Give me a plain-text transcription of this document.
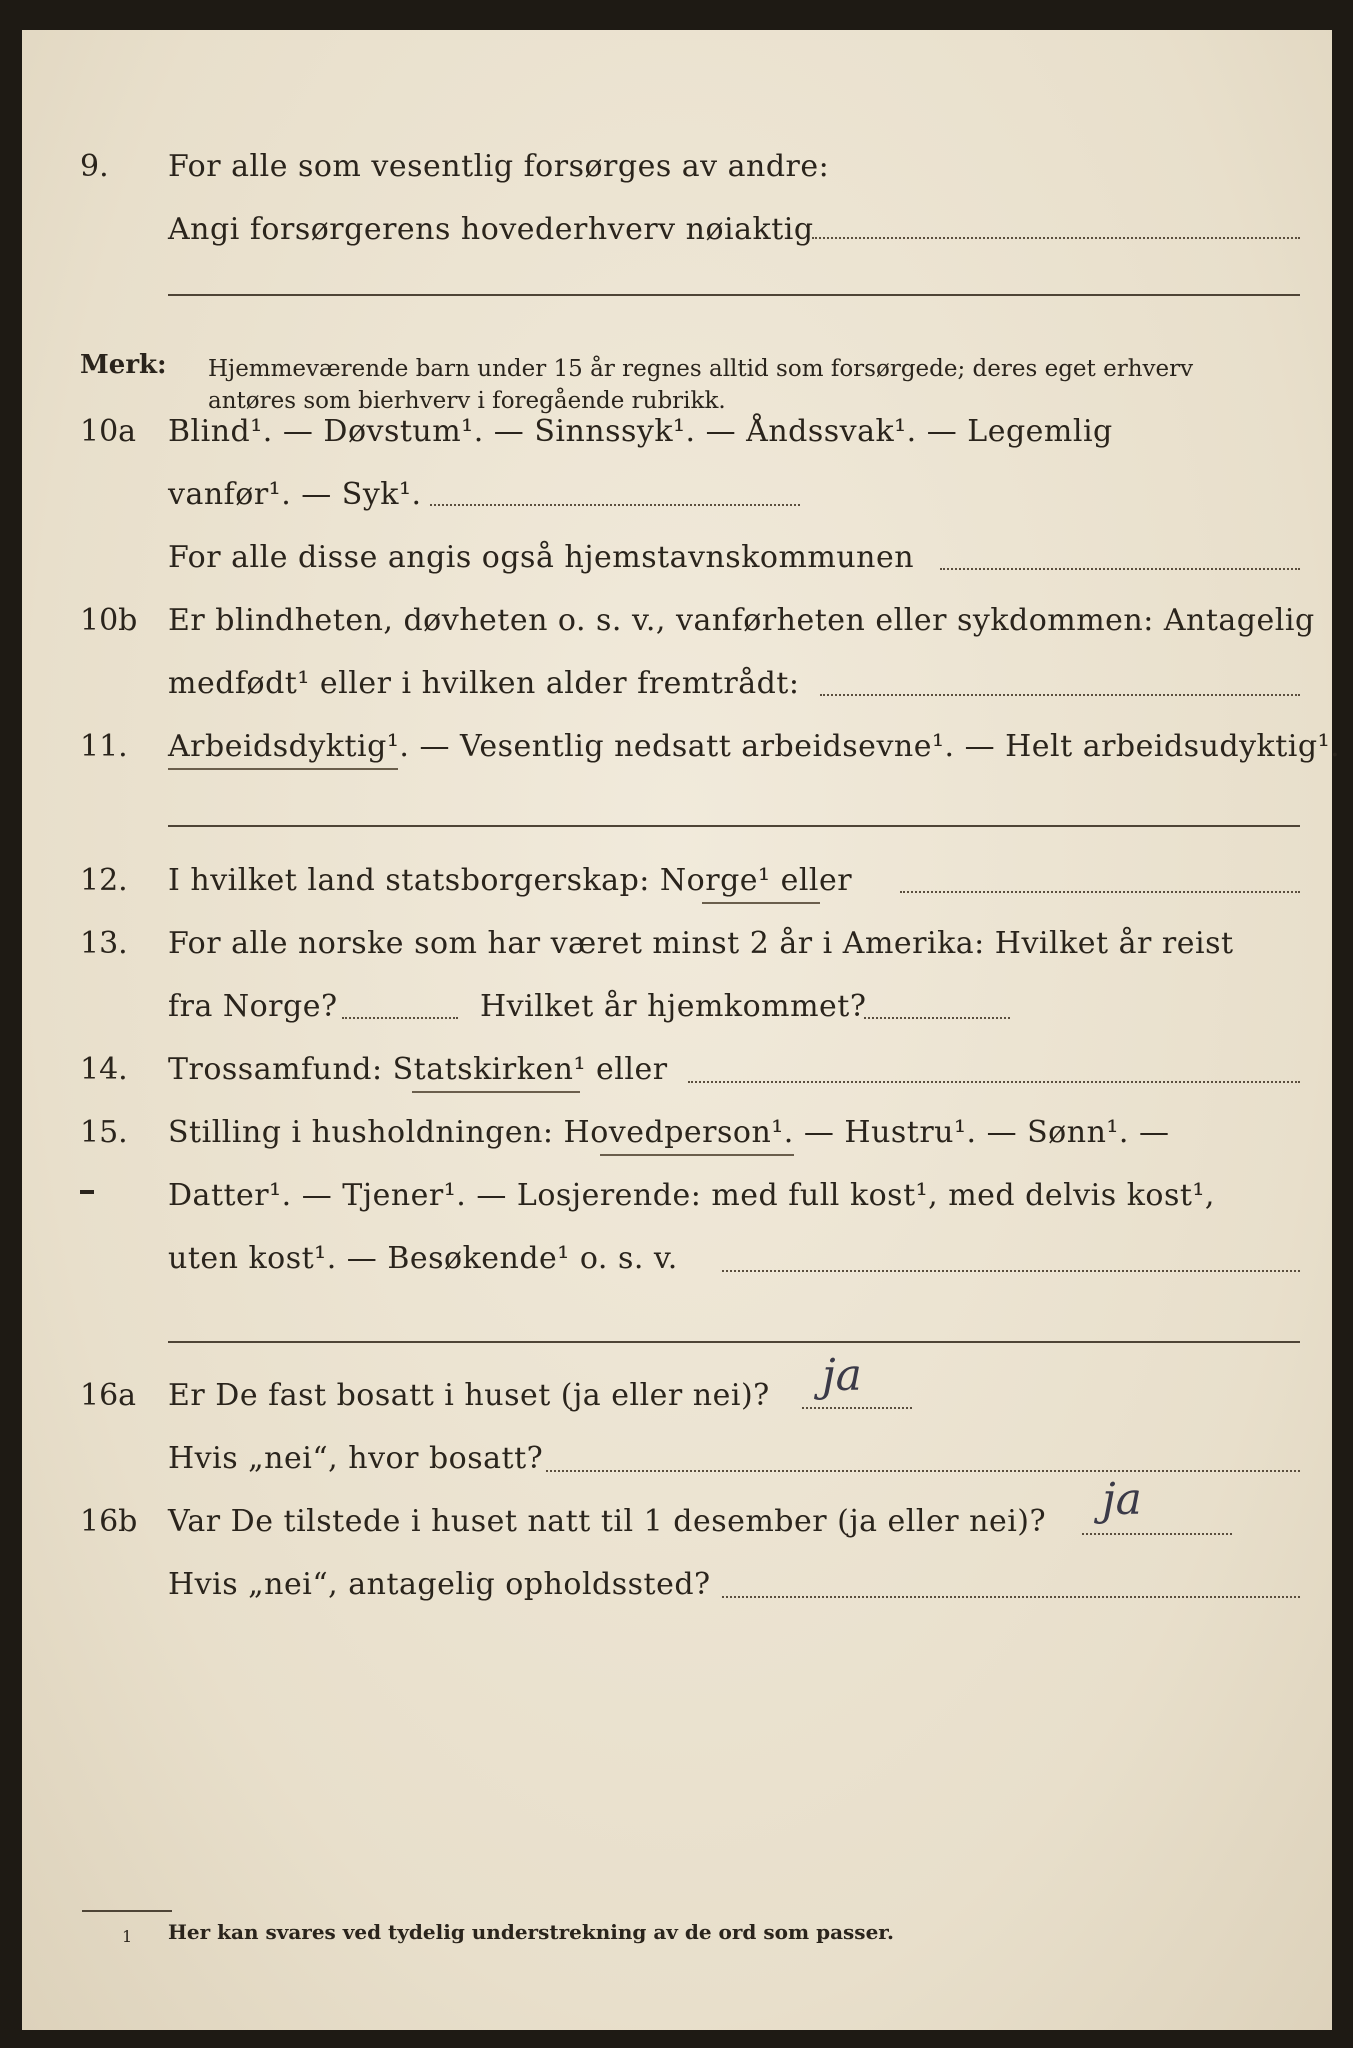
9. For alle som vesentlig forsørges av andre:
Angi forsørgerens hovederhverv nøiaktig
Merk: Hjemmeværende barn under 15 år regnes alltid som forsørgede; deres eget erhverv
antøres som bierhverv i foregående rubrikk.
10a Blind¹. — Døvstum¹. — Sinnssyk¹. — Åndssvak¹. — Legemlig
vanfør¹. — Syk¹.
For alle disse angis også hjemstavnskommunen
10b Er blindheten, døvheten o. s. v., vanførheten eller sykdommen: Antagelig
medfødt¹ eller i hvilken alder fremtrådt:
11. Arbeidsdyktig¹. — Vesentlig nedsatt arbeidsevne¹. — Helt arbeidsudyktig¹.
12. I hvilket land statsborgerskap: Norge¹ eller
13. For alle norske som har været minst 2 år i Amerika: Hvilket år reist
fra Norge?	Hvilket år hjemkommet?
14. Trossamfund: Statskirken¹ eller
15. Stilling i husholdningen: Hovedperson¹. — Hustru¹. — Sønn¹. —
Datter¹. — Tjener¹. — Losjerende: med full kost¹, med delvis kost¹,
uten kost¹. — Besøkende¹ o. s. v.
16a Er De fast bosatt i huset (ja eller nei)? ja
Hvis „nei“, hvor bosatt?
16b Var De tilstede i huset natt til 1 desember (ja eller nei)? ja
Hvis „nei“, antagelig opholdssted?
1 Her kan svares ved tydelig understrekning av de ord som passer.
